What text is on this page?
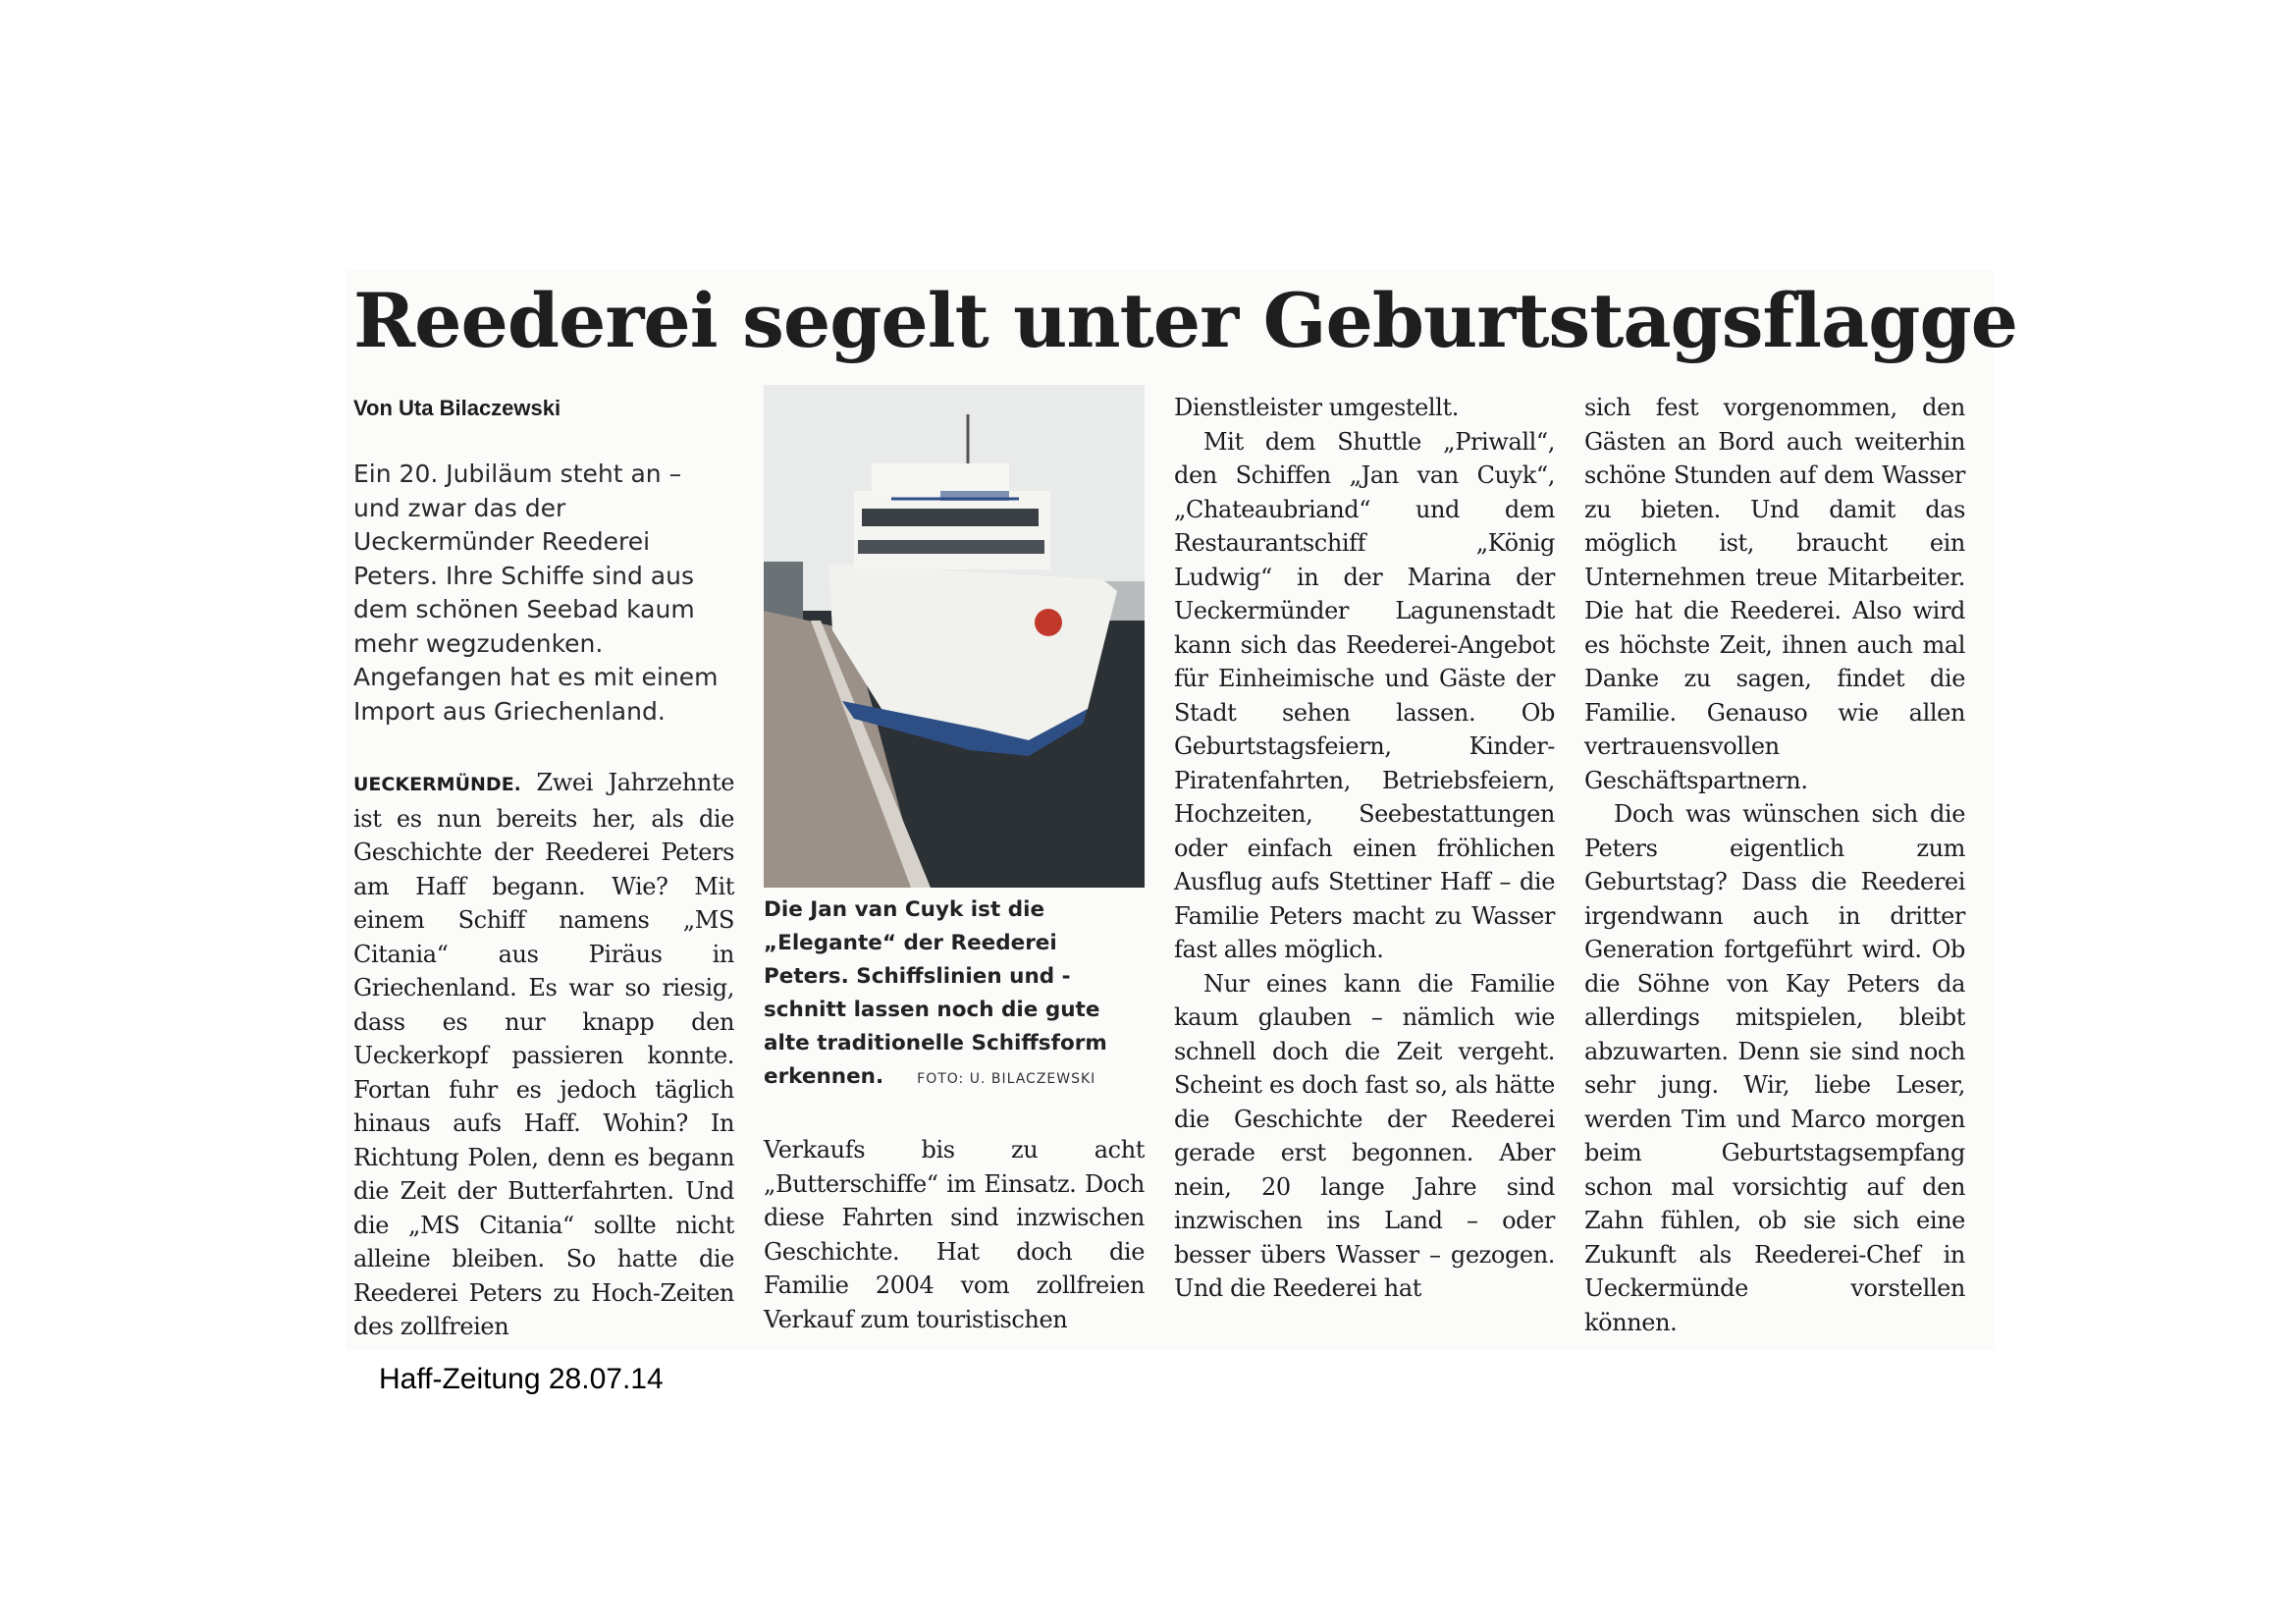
Reederei segelt unter Geburtstagsflagge
Von Uta Bilaczewski

Ein 20. Jubiläum steht an – und zwar das der Ueckermünder Reederei Peters. Ihre Schiffe sind aus dem schönen Seebad kaum mehr wegzudenken. Angefangen hat es mit einem Import aus Griechenland.

UECKERMÜNDE. Zwei Jahrzehnte ist es nun bereits her, als die Geschichte der Reederei Peters am Haff begann. Wie? Mit einem Schiff namens „MS Citania“ aus Piräus in Griechenland. Es war so riesig, dass es nur knapp den Ueckerkopf passieren konnte. Fortan fuhr es jedoch täglich hinaus aufs Haff. Wohin? In Richtung Polen, denn es begann die Zeit der Butterfahrten. Und die „MS Citania“ sollte nicht alleine bleiben. So hatte die Reederei Peters zu Hoch-Zeiten des zollfreien

Die Jan van Cuyk ist die „Elegante“ der Reederei Peters. Schiffslinien und -schnitt lassen noch die gute alte traditionelle Schiffsform erkennen. FOTO: U. BILACZEWSKI

Verkaufs bis zu acht „Butterschiffe“ im Einsatz. Doch diese Fahrten sind inzwischen Geschichte. Hat doch die Familie 2004 vom zollfreien Verkauf zum touristischen

Dienstleister umgestellt.

Mit dem Shuttle „Priwall“, den Schiffen „Jan van Cuyk“, „Chateaubriand“ und dem Restaurantschiff „König Ludwig“ in der Marina der Ueckermünder Lagunenstadt kann sich das Reederei-Angebot für Einheimische und Gäste der Stadt sehen lassen. Ob Geburtstagsfeiern, Kinder-Piratenfahrten, Betriebsfeiern, Hochzeiten, Seebestattungen oder einfach einen fröhlichen Ausflug aufs Stettiner Haff – die Familie Peters macht zu Wasser fast alles möglich.

Nur eines kann die Familie kaum glauben – nämlich wie schnell doch die Zeit vergeht. Scheint es doch fast so, als hätte die Geschichte der Reederei gerade erst begonnen. Aber nein, 20 lange Jahre sind inzwischen ins Land – oder besser übers Wasser – gezogen. Und die Reederei hat

sich fest vorgenommen, den Gästen an Bord auch weiterhin schöne Stunden auf dem Wasser zu bieten. Und damit das möglich ist, braucht ein Unternehmen treue Mitarbeiter. Die hat die Reederei. Also wird es höchste Zeit, ihnen auch mal Danke zu sagen, findet die Familie. Genauso wie allen vertrauensvollen Geschäftspartnern.

Doch was wünschen sich die Peters eigentlich zum Geburtstag? Dass die Reederei irgendwann auch in dritter Generation fortgeführt wird. Ob die Söhne von Kay Peters da allerdings mitspielen, bleibt abzuwarten. Denn sie sind noch sehr jung. Wir, liebe Leser, werden Tim und Marco morgen beim Geburtstagsempfang schon mal vorsichtig auf den Zahn fühlen, ob sie sich eine Zukunft als Reederei-Chef in Ueckermünde vorstellen können.

Haff-Zeitung 28.07.14
